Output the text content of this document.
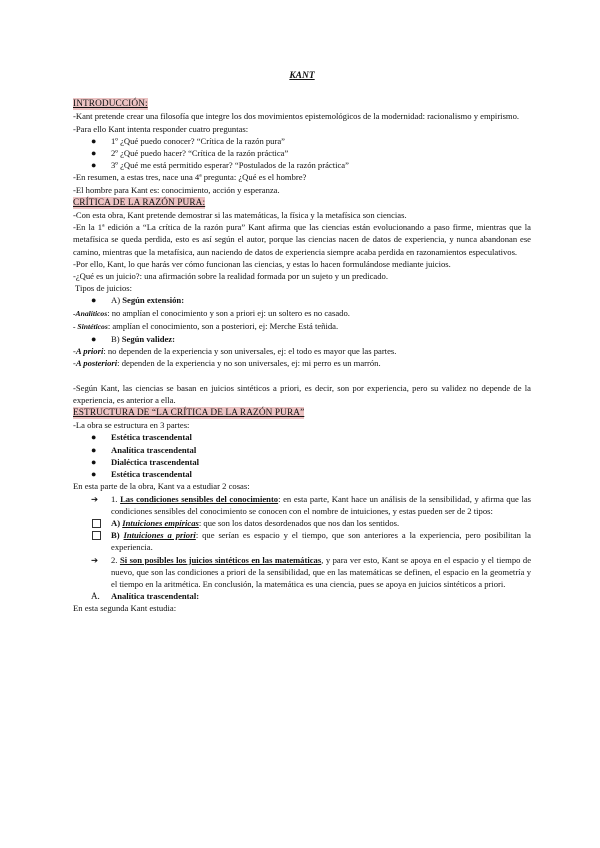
KANT
INTRODUCCIÓN:

-Kant pretende crear una filosofía que integre los dos movimientos epistemológicos de la modernidad: racionalismo y empirismo.

-Para ello Kant intenta responder cuatro preguntas:

● 1º ¿Qué puedo conocer? “Crítica de la razón pura”
● 2º ¿Qué puedo hacer? “Crítica de la razón práctica”
● 3º ¿Qué me está permitido esperar? “Postulados de la razón práctica”

-En resumen, a estas tres, nace una 4ª pregunta: ¿Qué es el hombre?

-El hombre para Kant es: conocimiento, acción y esperanza.

CRÍTICA DE LA RAZÓN PURA:

-Con esta obra, Kant pretende demostrar si las matemáticas, la física y la metafísica son ciencias.

-En la 1ª edición a “La crítica de la razón pura” Kant afirma que las ciencias están evolucionando a paso firme, mientras que la metafísica se queda perdida, esto es así según el autor, porque las ciencias nacen de datos de experiencia, y nunca abandonan ese camino, mientras que la metafísica, aun naciendo de datos de experiencia siempre acaba perdida en razonamientos especulativos.

-Por ello, Kant, lo que harás ver cómo funcionan las ciencias, y estas lo hacen formulándose mediante juicios.

-¿Qué es un juicio?: una afirmación sobre la realidad formada por un sujeto y un predicado.

Tipos de juicios:

● A) Según extensión:

-Analíticos: no amplían el conocimiento y son a priori ej: un soltero es no casado.

- Sintéticos: amplían el conocimiento, son a posteriori, ej: Merche Está teñida.

● B) Según validez:

-A priori: no dependen de la experiencia y son universales, ej: el todo es mayor que las partes.

-A posteriori: dependen de la experiencia y no son universales, ej: mi perro es un marrón.

-Según Kant, las ciencias se basan en juicios sintéticos a priori, es decir, son por experiencia, pero su validez no depende de la experiencia, es anterior a ella.

ESTRUCTURA DE “LA CRÍTICA DE LA RAZÓN PURA”

-La obra se estructura en 3 partes:

● Estética trascendental
● Analítica trascendental
● Dialéctica trascendental
● Estética trascendental

En esta parte de la obra, Kant va a estudiar 2 cosas:

➔ 1. Las condiciones sensibles del conocimiento: en esta parte, Kant hace un análisis de la sensibilidad, y afirma que las condiciones sensibles del conocimiento se conocen con el nombre de intuiciones, y estas pueden ser de 2 tipos:
A) Intuiciones empíricas: que son los datos desordenados que nos dan los sentidos.
B) Intuiciones a priori: que serían es espacio y el tiempo, que son anteriores a la experiencia, pero posibilitan la experiencia.
➔ 2. Si son posibles los juicios sintéticos en las matemáticas, y para ver esto, Kant se apoya en el espacio y el tiempo de nuevo, que son las condiciones a priori de la sensibilidad, que en las matemáticas se definen, el espacio en la geometría y el tiempo en la aritmética. En conclusión, la matemática es una ciencia, pues se apoya en juicios sintéticos a priori.
A. Analítica trascendental:

En esta segunda Kant estudia:
